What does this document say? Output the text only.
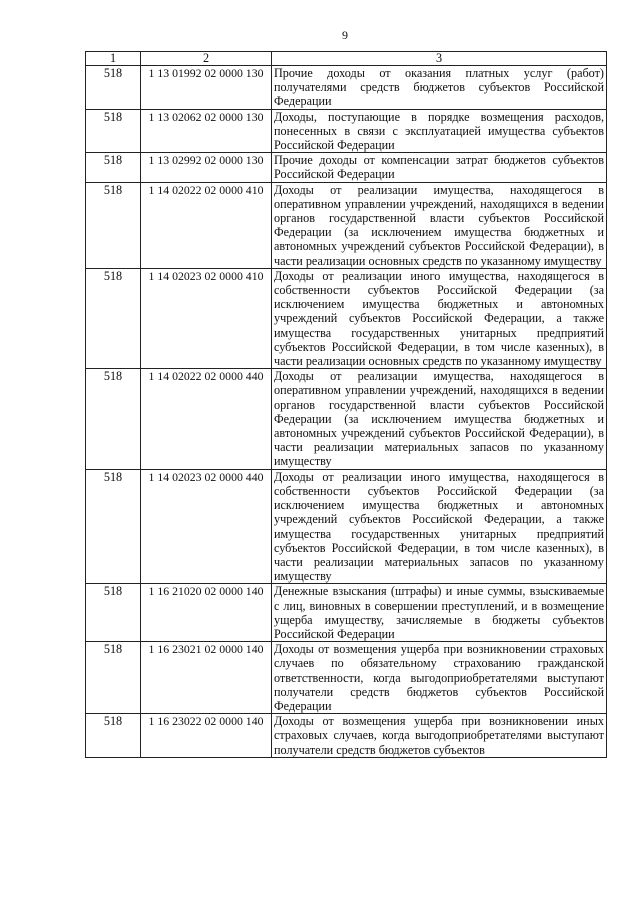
9
1	2	3
518	1 13 01992 02 0000 130	Прочие доходы от оказания платных услуг (работ) получателями средств бюджетов субъектов Российской Федерации
518	1 13 02062 02 0000 130	Доходы, поступающие в порядке возмещения расходов, понесенных в связи с эксплуатацией имущества субъектов Российской Федерации
518	1 13 02992 02 0000 130	Прочие доходы от компенсации затрат бюджетов субъектов Российской Федерации
518	1 14 02022 02 0000 410	Доходы от реализации имущества, находящегося в оперативном управлении учреждений, находящихся в ведении органов государственной власти субъектов Российской Федерации (за исключением имущества бюджетных и автономных учреждений субъектов Российской Федерации), в части реализации основных средств по указанному имуществу
518	1 14 02023 02 0000 410	Доходы от реализации иного имущества, находящегося в собственности субъектов Российской Федерации (за исключением имущества бюджетных и автономных учреждений субъектов Российской Федерации, а также имущества государственных унитарных предприятий субъектов Российской Федерации, в том числе казенных), в части реализации основных средств по указанному имуществу
518	1 14 02022 02 0000 440	Доходы от реализации имущества, находящегося в оперативном управлении учреждений, находящихся в ведении органов государственной власти субъектов Российской Федерации (за исключением имущества бюджетных и автономных учреждений субъектов Российской Федерации), в части реализации материальных запасов по указанному имуществу
518	1 14 02023 02 0000 440	Доходы от реализации иного имущества, находящегося в собственности субъектов Российской Федерации (за исключением имущества бюджетных и автономных учреждений субъектов Российской Федерации, а также имущества государственных унитарных предприятий субъектов Российской Федерации, в том числе казенных), в части реализации материальных запасов по указанному имуществу
518	1 16 21020 02 0000 140	Денежные взыскания (штрафы) и иные суммы, взыскиваемые с лиц, виновных в совершении преступлений, и в возмещение ущерба имуществу, зачисляемые в бюджеты субъектов Российской Федерации
518	1 16 23021 02 0000 140	Доходы от возмещения ущерба при возникновении страховых случаев по обязательному страхованию гражданской ответственности, когда выгодоприобретателями выступают получатели средств бюджетов субъектов Российской Федерации
518	1 16 23022 02 0000 140	Доходы от возмещения ущерба при возникновении иных страховых случаев, когда выгодоприобретателями выступают получатели средств бюджетов субъектов
